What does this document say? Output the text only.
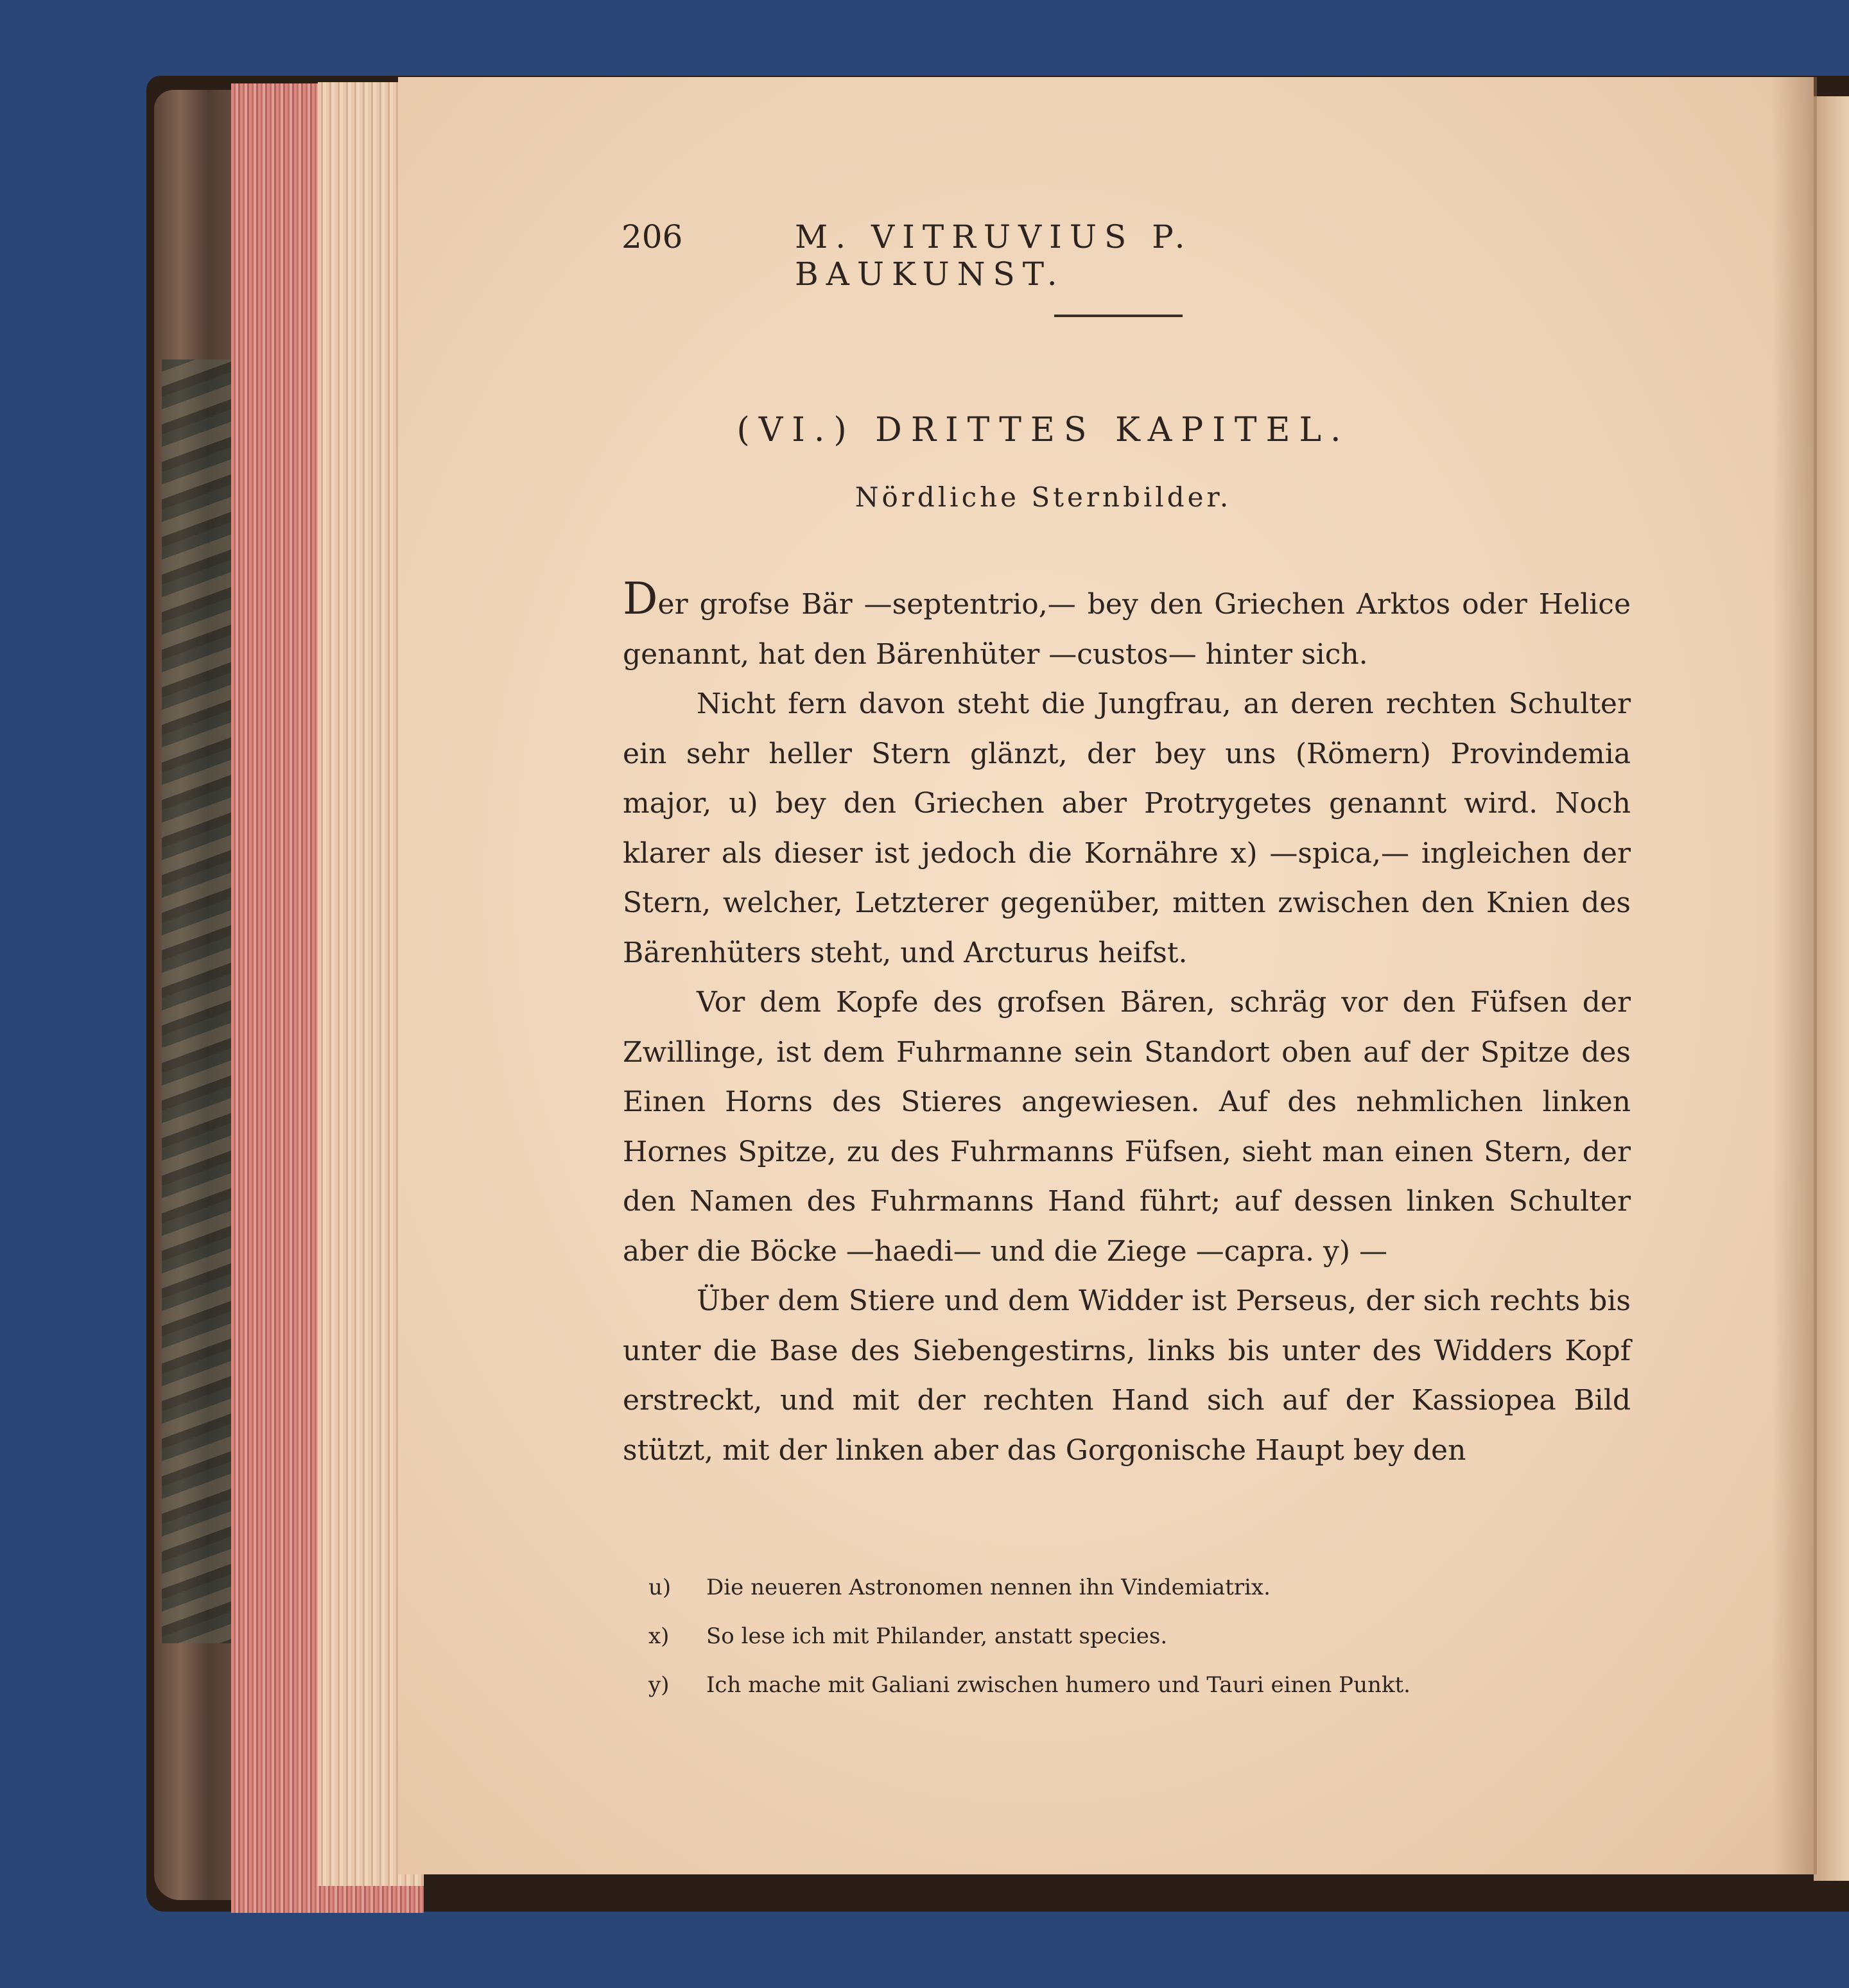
206	M. VITRUVIUS P. BAUKUNST.
(VI.) DRITTES KAPITEL.
Nördliche Sternbilder.

Der grofse Bär —septentrio,— bey den Griechen Arktos oder Helice genannt, hat den Bärenhüter —custos— hinter sich.

Nicht fern davon steht die Jungfrau, an deren rechten Schulter ein sehr heller Stern glänzt, der bey uns (Römern) Provindemia major, u) bey den Griechen aber Protrygetes genannt wird. Noch klarer als dieser ist jedoch die Kornähre x) —spica,— ingleichen der Stern, welcher, Letzterer gegenüber, mitten zwischen den Knien des Bärenhüters steht, und Arcturus heifst.

Vor dem Kopfe des grofsen Bären, schräg vor den Füfsen der Zwillinge, ist dem Fuhrmanne sein Standort oben auf der Spitze des Einen Horns des Stieres angewiesen. Auf des nehmlichen linken Hornes Spitze, zu des Fuhrmanns Füfsen, sieht man einen Stern, der den Namen des Fuhrmanns Hand führt; auf dessen linken Schulter aber die Böcke —haedi— und die Ziege —capra. y) —

Über dem Stiere und dem Widder ist Perseus, der sich rechts bis unter die Base des Siebengestirns, links bis unter des Widders Kopf erstreckt, und mit der rechten Hand sich auf der Kassiopea Bild stützt, mit der linken aber das Gorgonische Haupt bey den

u)	Die neueren Astronomen nennen ihn Vindemiatrix.
x)	So lese ich mit Philander, anstatt species.
y)	Ich mache mit Galiani zwischen humero und Tauri einen Punkt.
